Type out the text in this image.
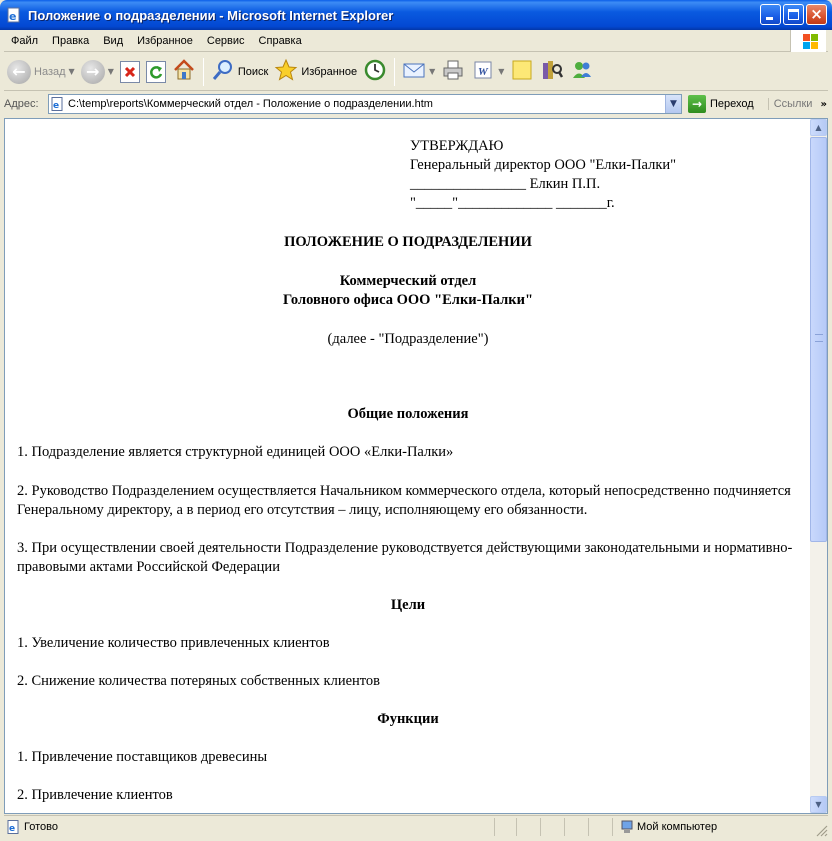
e Положение о подразделении - Microsoft Internet Explorer	×
Файл	Правка	Вид	Избранное	Сервис	Справка
← Назад ▼ →	▼	Поиск	Избранное	▼	W ▼
Адрес:	e C:\temp\reports\Коммерческий отдел - Положение о подразделении.htm	▼	→ Переход	Ссылки »
УТВЕРЖДАЮ
Генеральный директор ООО "Елки-Палки"
________________ Елкин П.П.
"_____"_____________ _______г.
ПОЛОЖЕНИЕ О ПОДРАЗДЕЛЕНИИ
Коммерческий отдел
Головного офиса ООО "Елки-Палки"
(далее - "Подразделение")
Общие положения
1. Подразделение является структурной единицей ООО «Елки-Палки»
2. Руководство Подразделением осуществляется Начальником коммерческого отдела, который непосредственно подчиняется Генеральному директору, а в период его отсутствия – лицу, исполняющему его обязанности.
3. При осуществлении своей деятельности Подразделение руководствуется действующими законодательными и нормативно-правовыми актами Российской Федерации
Цели
1. Увеличение количество привлеченных клиентов
2. Снижение количества потеряных собственных клиентов
Функции
1. Привлечение поставщиков древесины
2. Привлечение клиентов
▲
▼
e Готово	Мой компьютер
